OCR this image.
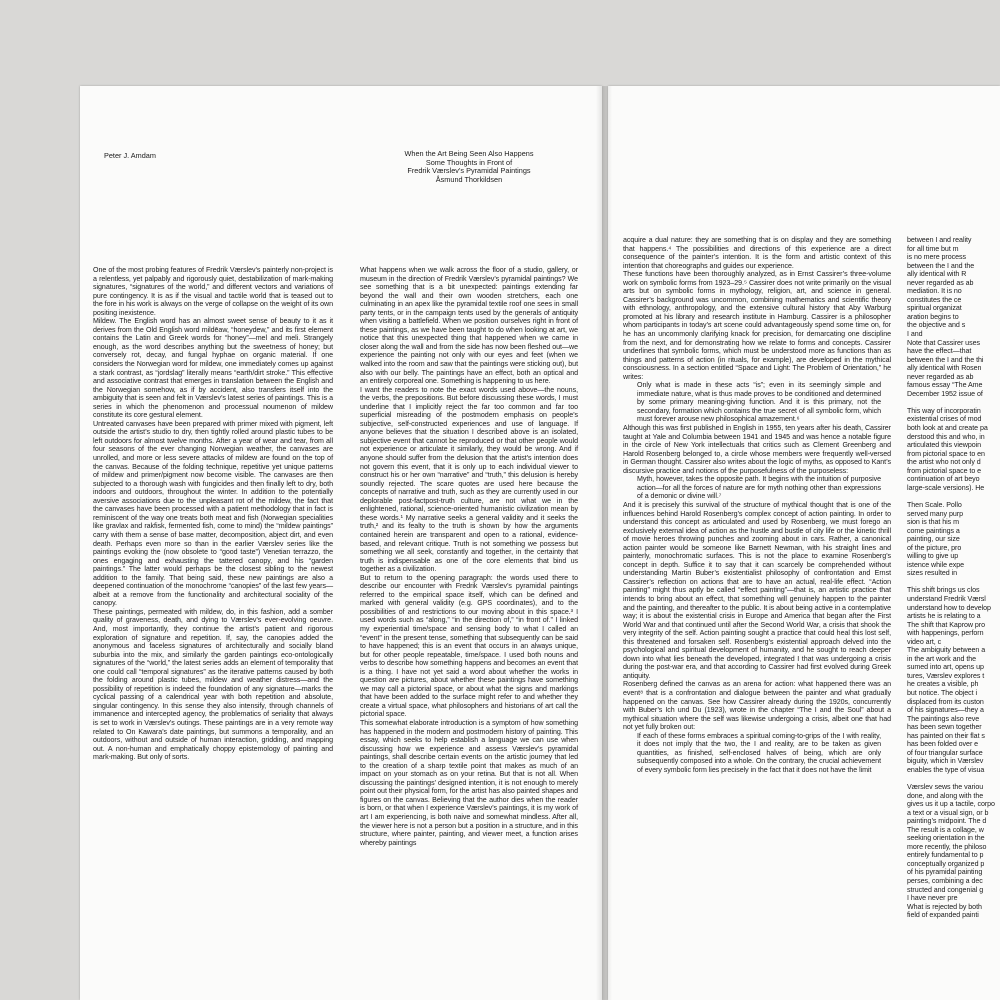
Peter J. Amdam	When the Art Being Seen Also Happens
Some Thoughts in Front of
Fredrik Værslev’s Pyramidal Paintings
Åsmund Thorkildsen

One of the most probing features of Fredrik Værslev’s painterly non-project is a relentless, yet palpably and rigorously quiet, destabilization of mark-making signatures, “signatures of the world,” and different vectors and variations of pure contingency. It is as if the visual and tactile world that is teased out to the fore in his work is always on the verge of collapse on the weight of its own positing inexistence.

Mildew. The English word has an almost sweet sense of beauty to it as it derives from the Old English word mildēaw, “honeydew,” and its first element contains the Latin and Greek words for “honey”—mel and meli. Strangely enough, as the word describes anything but the sweetness of honey; but conversely rot, decay, and fungal hyphae on organic material. If one considers the Norwegian word for mildew, one immediately comes up against a stark contrast, as “jordslag” literally means “earth/dirt stroke.” This effective and associative contrast that emerges in translation between the English and the Norwegian somehow, as if by accident, also transfers itself into the ambiguity that is seen and felt in Værslev’s latest series of paintings. This is a series in which the phenomenon and processual noumenon of mildew constitute its core gestural element.

Untreated canvases have been prepared with primer mixed with pigment, left outside the artist’s studio to dry, then tightly rolled around plastic tubes to be left outdoors for almost twelve months. After a year of wear and tear, from all four seasons of the ever changing Norwegian weather, the canvases are unrolled, and more or less severe attacks of mildew are found on the top of the canvas. Because of the folding technique, repetitive yet unique patterns of mildew and primer/pigment now become visible. The canvases are then subjected to a thorough wash with fungicides and then finally left to dry, both indoors and outdoors, throughout the winter. In addition to the potentially aversive associations due to the unpleasant rot of the mildew, the fact that the canvases have been processed with a patient methodology that in fact is reminiscent of the way one treats both meat and fish (Norwegian specialities like gravlax and rakfisk, fermented fish, come to mind) the “mildew paintings” carry with them a sense of base matter, decomposition, abject dirt, and even death. Perhaps even more so than in the earlier Værslev series like the paintings evoking the (now obsolete to “good taste”) Venetian terrazzo, the ones engaging and exhausting the tattered canopy, and his “garden paintings.” The latter would perhaps be the closest sibling to the newest addition to the family. That being said, these new paintings are also a deepened continuation of the monochrome “canopies” of the last few years—albeit at a remove from the functionality and architectural sociality of the canopy.

These paintings, permeated with mildew, do, in this fashion, add a somber quality of graveness, death, and dying to Værslev’s ever-evolving oeuvre. And, most importantly, they continue the artist’s patient and rigorous exploration of signature and repetition. If, say, the canopies added the anonymous and faceless signatures of architecturally and socially bland suburbia into the mix, and similarly the garden paintings eco-ontologically signatures of the “world,” the latest series adds an element of temporality that one could call “temporal signatures” as the iterative patterns caused by both the folding around plastic tubes, mildew and weather distress—and the possibility of repetition is indeed the foundation of any signature—marks the cyclical passing of a calendrical year with both repetition and absolute, singular contingency. In this sense they also intensify, through channels of immanence and intercepted agency, the problematics of seriality that always is set to work in Værslev’s outings. These paintings are in a very remote way related to On Kawara’s date paintings, but summons a temporality, and an outdoors, without and outside of human interaction, gridding, and mapping out. A non-human and emphatically choppy epistemology of painting and mark-making. But only of sorts.

What happens when we walk across the floor of a studio, gallery, or museum in the direction of Fredrik Værslev’s pyramidal paintings? We see something that is a bit unexpected: paintings extending far beyond the wall and their own wooden stretchers, each one culminating in an apex like the pyramidal textile roof one sees in small party tents, or in the campaign tents used by the generals of antiquity when visiting a battlefield. When we position ourselves right in front of these paintings, as we have been taught to do when looking at art, we notice that this unexpected thing that happened when we came in closer along the wall and from the side has now been fleshed out—we experience the painting not only with our eyes and feet (when we walked into the room and saw that the paintings were sticking out), but also with our belly. The paintings have an effect, both an optical and an entirely corporeal one. Something is happening to us here.

I want the readers to note the exact words used above—the nouns, the verbs, the prepositions. But before discussing these words, I must underline that I implicitly reject the far too common and far too superficial misreading of the postmodern emphasis on people’s subjective, self-constructed experiences and use of language. If anyone believes that the situation I described above is an isolated, subjective event that cannot be reproduced or that other people would not experience or articulate it similarly, they would be wrong. And if anyone should suffer from the delusion that the artist’s intention does not govern this event, that it is only up to each individual viewer to construct his or her own “narrative” and “truth,” this delusion is hereby soundly rejected. The scare quotes are used here because the concepts of narrative and truth, such as they are currently used in our deplorable post-factpost-truth culture, are not what we in the enlightened, rational, science-oriented humanistic civilization mean by these words.¹ My narrative seeks a general validity and it seeks the truth,² and its fealty to the truth is shown by how the arguments contained herein are transparent and open to a rational, evidence-based, and relevant critique. Truth is not something we possess but something we all seek, constantly and together, in the certainty that truth is indispensable as one of the core elements that bind us together as a civilization.

But to return to the opening paragraph: the words used there to describe our encounter with Fredrik Værslev’s pyramidal paintings referred to the empirical space itself, which can be defined and marked with general validity (e.g. GPS coordinates), and to the possibilities of and restrictions to our moving about in this space.³ I used words such as “along,” “in the direction of,” “in front of.” I linked my experiential time/space and sensing body to what I called an “event” in the present tense, something that subsequently can be said to have happened; this is an event that occurs in an always unique, but for other people repeatable, time/space. I used both nouns and verbs to describe how something happens and becomes an event that is a thing. I have not yet said a word about whether the works in question are pictures, about whether these paintings have something we may call a pictorial space, or about what the signs and markings that have been added to the surface might refer to and whether they create a virtual space, what philosophers and historians of art call the pictorial space.

This somewhat elaborate introduction is a symptom of how something has happened in the modern and postmodern history of painting. This essay, which seeks to help establish a language we can use when discussing how we experience and assess Værslev’s pyramidal paintings, shall describe certain events on the artistic journey that led to the creation of a sharp textile point that makes as much of an impact on your stomach as on your retina. But that is not all. When discussing the paintings’ designed intention, it is not enough to merely point out their physical form, for the artist has also painted shapes and figures on the canvas. Believing that the author dies when the reader is born, or that when I experience Værslev’s paintings, it is my work of art I am experiencing, is both naive and somewhat mindless. After all, the viewer here is not a person but a position in a structure, and in this structure, where painter, painting, and viewer meet, a function arises whereby paintings

acquire a dual nature: they are something that is on display and they are something that happens.⁴ The possibilities and directions of this experience are a direct consequence of the painter’s intention. It is the form and artistic context of this intention that choreographs and guides our experience.

These functions have been thoroughly analyzed, as in Ernst Cassirer’s three-volume work on symbolic forms from 1923–29.⁵ Cassirer does not write primarily on the visual arts but on symbolic forms in mythology, religion, art, and science in general. Cassirer’s background was uncommon, combining mathematics and scientific theory with ethnology, anthropology, and the extensive cultural history that Aby Warburg promoted at his library and research institute in Hamburg. Cassirer is a philosopher whom participants in today’s art scene could advantageously spend some time on, for he has an uncommonly clarifying knack for precision, for demarcating one discipline from the next, and for demonstrating how we relate to forms and concepts. Cassirer underlines that symbolic forms, which must be understood more as functions than as things and patterns of action (in rituals, for example), are developed in the mythical consciousness. In a section entitled “Space and Light: The Problem of Orientation,” he writes:

Only what is made in these acts “is”; even in its seemingly simple and immediate nature, what is thus made proves to be conditioned and determined by some primary meaning-giving function. And it is this primary, not the secondary, formation which contains the true secret of all symbolic form, which must forever arouse new philosophical amazement.⁶

Although this was first published in English in 1955, ten years after his death, Cassirer taught at Yale and Columbia between 1941 and 1945 and was hence a notable figure in the circle of New York intellectuals that critics such as Clement Greenberg and Harold Rosenberg belonged to, a circle whose members were frequently well-versed in German thought. Cassirer also writes about the logic of myths, as opposed to Kant’s discursive practice and notions of the purposefulness of the purposeless:

Myth, however, takes the opposite path. It begins with the intuition of purposive action—for all the forces of nature are for myth nothing other than expressions of a demonic or divine will.⁷

And it is precisely this survival of the structure of mythical thought that is one of the influences behind Harold Rosenberg’s complex concept of action painting. In order to understand this concept as articulated and used by Rosenberg, we must forego an exclusively external idea of action as the hustle and bustle of city life or the kinetic thrill of movie heroes throwing punches and zooming about in cars. Rather, a canonical action painter would be someone like Barnett Newman, with his straight lines and painterly, monochromatic surfaces. This is not the place to examine Rosenberg’s concept in depth. Suffice it to say that it can scarcely be comprehended without understanding Martin Buber’s existentialist philosophy of confrontation and Ernst Cassirer’s reflection on actions that are to have an actual, real-life effect. “Action painting” might thus aptly be called “effect painting”—that is, an artistic practice that intends to bring about an effect, that something will genuinely happen to the painter and the painting, and thereafter to the public. It is about being active in a contemplative way; it is about the existential crisis in Europe and America that began after the First World War and that continued until after the Second World War, a crisis that shook the very integrity of the self. Action painting sought a practice that could heal this lost self, this threatened and forsaken self. Rosenberg’s existential approach delved into the psychological and spiritual development of humanity, and he sought to reach deeper down into what lies beneath the developed, integrated I that was undergoing a crisis during the post-war era, and that according to Cassirer had first evolved during Greek antiquity.

Rosenberg defined the canvas as an arena for action: what happened there was an event⁸ that is a confrontation and dialogue between the painter and what gradually happened on the canvas. See how Cassirer already during the 1920s, concurrently with Buber’s Ich und Du (1923), wrote in the chapter “The I and the Soul” about a mythical situation where the self was likewise undergoing a crisis, albeit one that had not yet fully broken out:

If each of these forms embraces a spiritual coming-to-grips of the I with reality, it does not imply that the two, the I and reality, are to be taken as given quantities, as finished, self-enclosed halves of being, which are only subsequently composed into a whole. On the contrary, the crucial achievement of every symbolic form lies precisely in the fact that it does not have the limit

between I and reality
for all time but m
is no mere process
between the I and the
ally identical with R
never regarded as ab
mediation. It is no
constitutes the ce
spiritual organizat
aration begins to
the objective and s
I and
Note that Cassirer uses
have the effect—that
between the I and the thi
ally identical with Rosen
never regarded as ab
famous essay “The Ame
December 1952 issue of
This way of incorporatin
existential crises of mod
both look at and create pa
derstood this and who, in
articulated this viewpoin
from pictorial space to en
the artist who not only d
from pictorial space to e
continuation of art beyo
large-scale versions). He
Then Scale. Pollo
served many purp
sion is that his m
come paintings a
painting, our size
of the picture, pro
willing to give up
istence while expe
sizes resulted in
This shift brings us clos
understand Fredrik Værsl
understand how to develop
artists he is relating to a
The shift that Kaprow pro
with happenings, perforn
video art, c
The ambiguity between a
in the art work and the
sumed into art, opens up
tures, Værslev explores t
he creates a visible, ph
but notice. The object i
displaced from its custon
of his signatures—they a
The paintings also reve
has been sewn together
has painted on their flat s
has been folded over e
of four triangular surface
biguity, which in Værslev
enables the type of visua
Værslev sews the variou
done, and along with the
gives us it up a tactile, corpo
a text or a visual sign, or b
painting’s midpoint. The d
The result is a collage, w
seeking orientation in the
more recently, the philoso
entirely fundamental to p
conceptually organized p
of his pyramidal painting
perses, combining a dec
structed and congenial g
I have never pre
What is rejected by both
field of expanded painti
